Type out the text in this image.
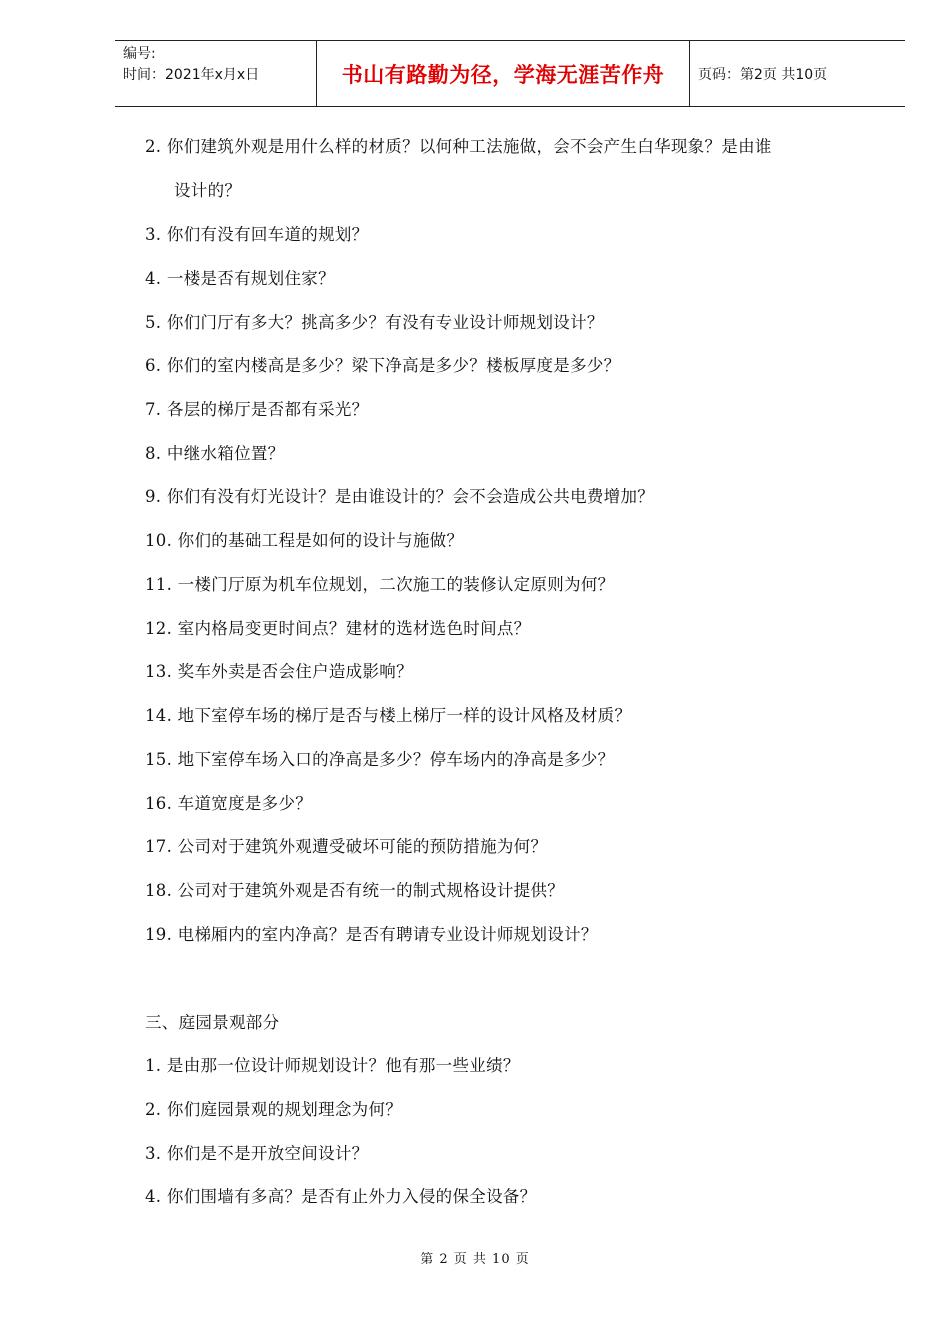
编号:
时间：2021年x月x日	书山有路勤为径，学海无涯苦作舟 页码：第2页 共10页
2. 你们建筑外观是用什么样的材质？以何种工法施做，会不会产生白华现象？是由谁
设计的？
3. 你们有没有回车道的规划？
4. 一楼是否有规划住家？
5. 你们门厅有多大？挑高多少？有没有专业设计师规划设计？
6. 你们的室内楼高是多少？梁下净高是多少？楼板厚度是多少？
7. 各层的梯厅是否都有采光？
8. 中继水箱位置？
9. 你们有没有灯光设计？是由谁设计的？会不会造成公共电费增加？
10. 你们的基础工程是如何的设计与施做？
11. 一楼门厅原为机车位规划，二次施工的装修认定原则为何？
12. 室内格局变更时间点？建材的选材选色时间点？
13. 奖车外卖是否会住户造成影响？
14. 地下室停车场的梯厅是否与楼上梯厅一样的设计风格及材质？
15. 地下室停车场入口的净高是多少？停车场内的净高是多少？
16. 车道宽度是多少？
17. 公司对于建筑外观遭受破坏可能的预防措施为何？
18. 公司对于建筑外观是否有统一的制式规格设计提供？
19. 电梯厢内的室内净高？是否有聘请专业设计师规划设计？
三、庭园景观部分
1. 是由那一位设计师规划设计？他有那一些业绩？
2. 你们庭园景观的规划理念为何？
3. 你们是不是开放空间设计？
4. 你们围墙有多高？是否有止外力入侵的保全设备？
第 2 页 共 10 页
